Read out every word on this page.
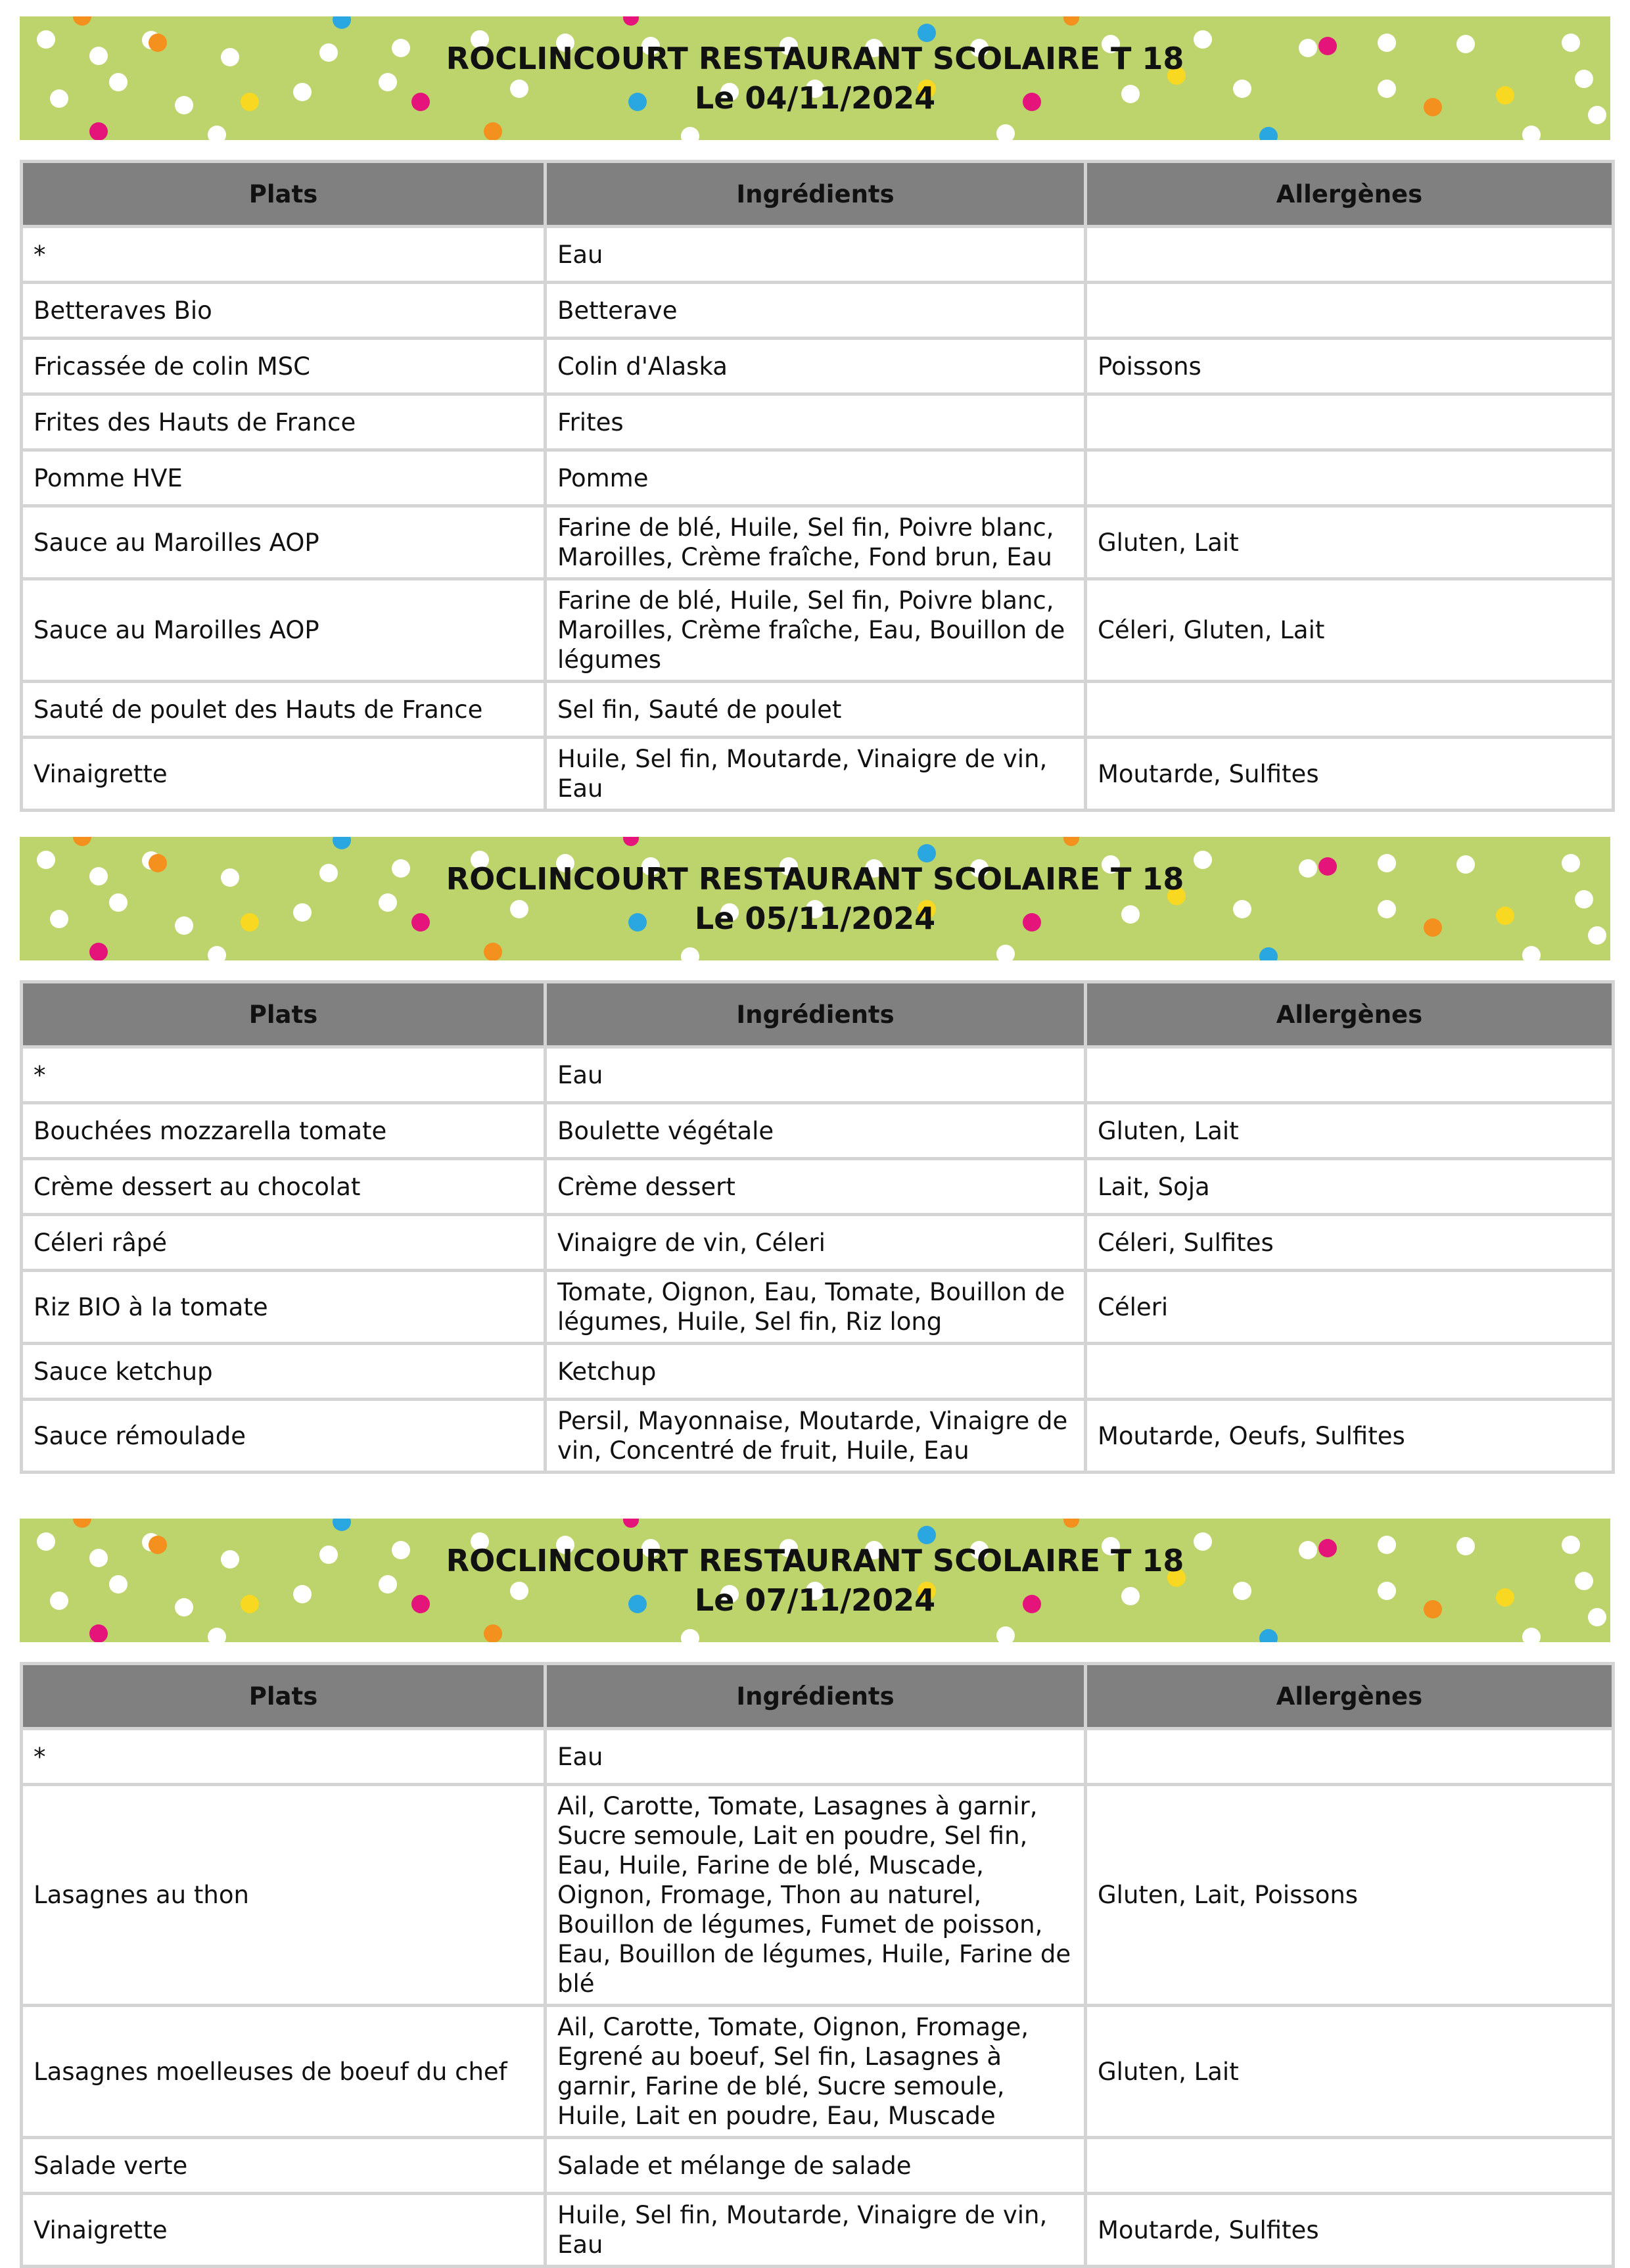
ROCLINCOURT RESTAURANT SCOLAIRE T 18
Le 04/11/2024
Plats	Ingrédients	Allergènes
*	Eau	
Betteraves Bio	Betterave	
Fricassée de colin MSC	Colin d'Alaska	Poissons
Frites des Hauts de France	Frites	
Pomme HVE	Pomme	
Sauce au Maroilles AOP	Farine de blé, Huile, Sel fin, Poivre blanc, Maroilles, Crème fraîche, Fond brun, Eau	Gluten, Lait
Sauce au Maroilles AOP	Farine de blé, Huile, Sel fin, Poivre blanc, Maroilles, Crème fraîche, Eau, Bouillon de légumes	Céleri, Gluten, Lait
Sauté de poulet des Hauts de France	Sel fin, Sauté de poulet	
Vinaigrette	Huile, Sel fin, Moutarde, Vinaigre de vin, Eau	Moutarde, Sulfites
ROCLINCOURT RESTAURANT SCOLAIRE T 18
Le 05/11/2024
Plats	Ingrédients	Allergènes
*	Eau	
Bouchées mozzarella tomate	Boulette végétale	Gluten, Lait
Crème dessert au chocolat	Crème dessert	Lait, Soja
Céleri râpé	Vinaigre de vin, Céleri	Céleri, Sulfites
Riz BIO à la tomate	Tomate, Oignon, Eau, Tomate, Bouillon de légumes, Huile, Sel fin, Riz long	Céleri
Sauce ketchup	Ketchup	
Sauce rémoulade	Persil, Mayonnaise, Moutarde, Vinaigre de vin, Concentré de fruit, Huile, Eau	Moutarde, Oeufs, Sulfites
ROCLINCOURT RESTAURANT SCOLAIRE T 18
Le 07/11/2024
Plats	Ingrédients	Allergènes
*	Eau	
Lasagnes au thon	Ail, Carotte, Tomate, Lasagnes à garnir, Sucre semoule, Lait en poudre, Sel fin, Eau, Huile, Farine de blé, Muscade, Oignon, Fromage, Thon au naturel, Bouillon de légumes, Fumet de poisson, Eau, Bouillon de légumes, Huile, Farine de blé	Gluten, Lait, Poissons
Lasagnes moelleuses de boeuf du chef	Ail, Carotte, Tomate, Oignon, Fromage, Egrené au boeuf, Sel fin, Lasagnes à garnir, Farine de blé, Sucre semoule, Huile, Lait en poudre, Eau, Muscade	Gluten, Lait
Salade verte	Salade et mélange de salade	
Vinaigrette	Huile, Sel fin, Moutarde, Vinaigre de vin, Eau	Moutarde, Sulfites
